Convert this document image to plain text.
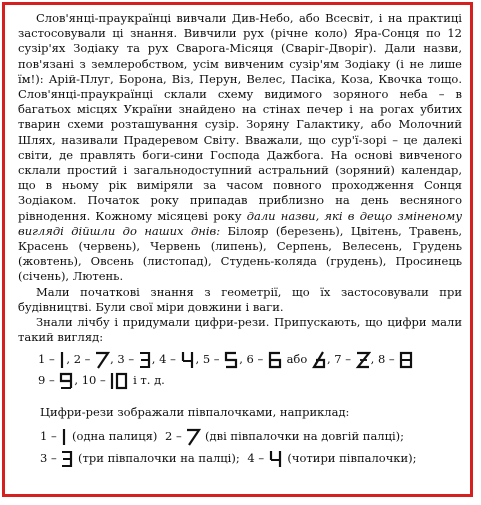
Слов'янці-праукраїнці вивчали Див-Небо, або Всесвіт, і на практиці застосовували ці знання. Вивчили рух (річне коло) Яра-Сонця по 12 сузір'ях Зодіаку та рух Сварога-Місяця (Сваріг-Дворіг). Дали назви, пов'язані з землеробством, усім вивченим сузір'ям Зодіаку (і не лише їм!): Арій-Плуг, Борона, Віз, Перун, Велес, Пасіка, Коза, Квочка тощо. Слов'янці-праукраїнці склали схему видимого зоряного неба – в багатьох місцях України знайдено на стінах печер і на рогах убитих тварин схеми розташування сузір. Зоряну Галактику, або Молочний Шлях, називали Прадеревом Світу. Вважали, що сур'ї-зорі – це далекі світи, де правлять боги-сини Господа Дажбога. На основі вивченого склали простий і загальнодоступний астральний (зоряний) календар, що в ньому рік виміряли за часом повного проходження Сонця Зодіаком. Початок року припадав приблизно на день весняного рівнодення. Кожному місяцеві року дали назви, які в дещо зміненому вигляді дійшли до наших днів: Білояр (березень), Цвітень, Травень, Красень (червень), Червень (липень), Серпень, Велесень, Грудень (жовтень), Овсень (листопад), Студень-коляда (грудень), Просинець (січень), Лютень.

Мали початкові знання з геометрії, що їх застосовували при будівництві. Були свої міри довжини і ваги.

Знали лічбу і придумали цифри-рези. Припускають, що цифри мали такий вигляд:

1 – , 2 – , 3 – , 4 – , 5 – , 6 – або , 7 – , 8 –
9 – , 10 – і т. д.
Цифри-рези зображали півпалочками, наприклад:
1 – (одна палиця) 2 – (дві півпалочки на довгій палці);
3 – (три півпалочки на палці); 4 – (чотири півпалочки);
